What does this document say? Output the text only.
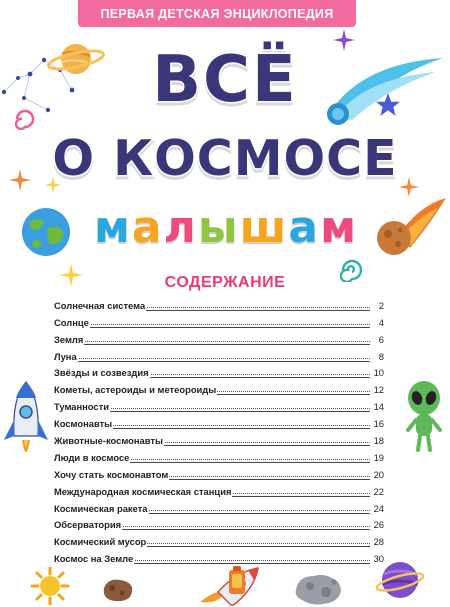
ПЕРВАЯ ДЕТСКАЯ ЭНЦИКЛОПЕДИЯ
ВСЁ
О КОСМОСЕ
м а л ы ш а м
СОДЕРЖАНИЕ
Солнечная система	2
Солнце	4
Земля	6
Луна	8
Звёзды и созвездия	10
Кометы, астероиды и метеороиды	12
Туманности	14
Космонавты	16
Животные-космонавты	18
Люди в космосе	19
Хочу стать космонавтом	20
Международная космическая станция	22
Космическая ракета	24
Обсерватория	26
Космический мусор	28
Космос на Земле	30
